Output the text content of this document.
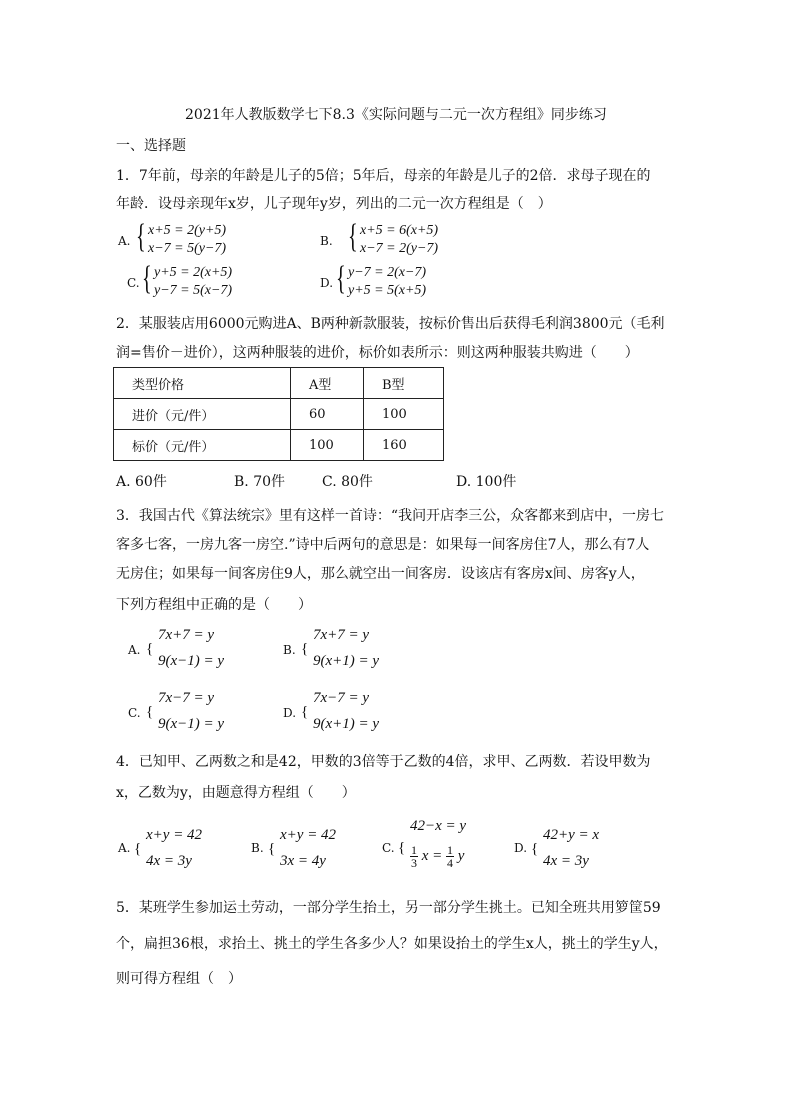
2021年人教版数学七下8.3《实际问题与二元一次方程组》同步练习
一、选择题
1．7年前，母亲的年龄是儿子的5倍；5年后，母亲的年龄是儿子的2倍．求母子现在的
年龄．设母亲现年x岁，儿子现年y岁，列出的二元一次方程组是（　）
A. { x+5 = 2(y+5)
x−7 = 5(y−7)	B. { x+5 = 6(x+5)
x−7 = 2(y−7)
C. { y+5 = 2(x+5)
y−7 = 5(x−7)	D. { y−7 = 2(x−7)
y+5 = 5(x+5)
2．某服装店用6000元购进A、B两种新款服装，按标价售出后获得毛利润3800元（毛利
润=售价－进价），这两种服装的进价，标价如表所示：则这两种服装共购进（　　）
类型价格	A型	B型
进价（元/件）	60	100
标价（元/件）	100	160
A. 60件	B. 70件	C. 80件	D. 100件
3．我国古代《算法统宗》里有这样一首诗：“我问开店李三公，众客都来到店中，一房七
客多七客，一房九客一房空.”诗中后两句的意思是：如果每一间客房住7人，那么有7人
无房住；如果每一间客房住9人，那么就空出一间客房．设该店有客房x间、房客y人，
下列方程组中正确的是（　　）
A. {
7x+7 = y
9(x−1) = y
B. {
7x+7 = y
9(x+1) = y
C. {
7x−7 = y
9(x−1) = y
D. {
7x−7 = y
9(x+1) = y
4．已知甲、乙两数之和是42，甲数的3倍等于乙数的4倍，求甲、乙两数．若设甲数为
x，乙数为y，由题意得方程组（　　）
A. {
x+y = 42
4x = 3y
B. {
x+y = 42
3x = 4y
C. {
42−x = y
$\frac{1}{3}$ $x = \frac{1}{4}$ y	D. {
42+y = x
4x = 3y
5．某班学生参加运土劳动，一部分学生抬土，另一部分学生挑土。已知全班共用箩筐59
个，扁担36根，求抬土、挑土的学生各多少人？如果设抬土的学生x人，挑土的学生y人，
则可得方程组（　）
